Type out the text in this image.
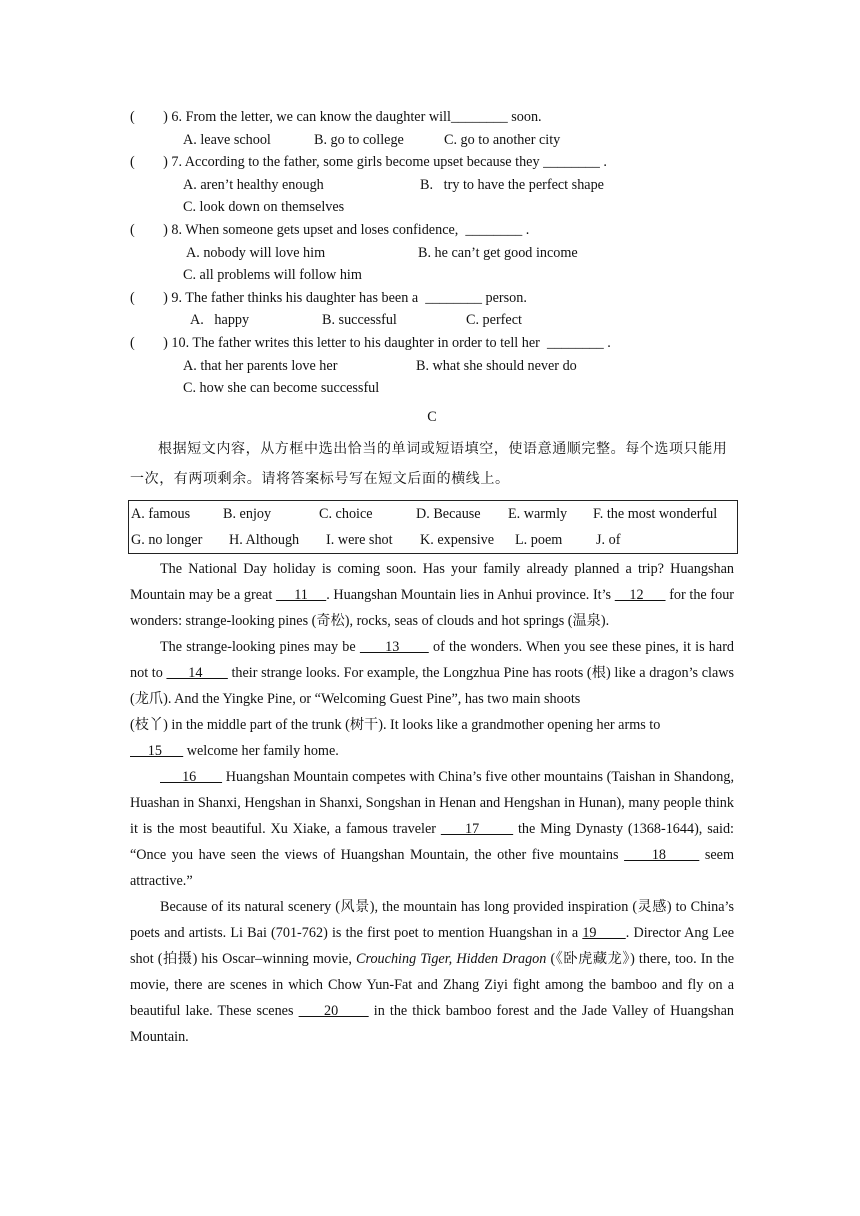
(        ) 6. From the letter, we can know the daughter will________ soon.
A. leave school	B. go to college	C. go to another city
(        ) 7. According to the father, some girls become upset because they ________ .
A. aren’t healthy enough	B.   try to have the perfect shape
C. look down on themselves
(        ) 8. When someone gets upset and loses confidence,  ________ .
A. nobody will love him	B. he can’t get good income
C. all problems will follow him
(        ) 9. The father thinks his daughter has been a  ________ person.
A.   happy	B. successful	C. perfect
(        ) 10. The father writes this letter to his daughter in order to tell her  ________ .
A. that her parents love her	B. what she should never do
C. how she can become successful
C
根据短文内容，从方框中选出恰当的单词或短语填空，使语意通顺完整。每个选项只能用一次，有两项剩余。请将答案标号写在短文后面的横线上。
A. famous B. enjoy	C. choice	D. Because E. warmly F. the most wonderful
G. no longer H. Although I. were shot K. expensive L. poem J. of

The National Day holiday is coming soon. Has your family already planned a trip? Huangshan Mountain may be a great      11     . Huangshan Mountain lies in Anhui province. It’s     12       for the four wonders: strange-looking pines (奇松), rocks, seas of clouds and hot springs (温泉).

The strange-looking pines may be       13        of the wonders. When you see these pines, it is hard not to       14        their strange looks. For example, the Longzhua Pine has roots (根) like a dragon’s claws (龙爪). And the Yingke Pine, or “Welcoming Guest Pine”, has two main shoots

(枝丫) in the middle part of the trunk (树干). It looks like a grandmother opening her arms to
15       welcome her family home.

16        Huangshan Mountain competes with China’s five other mountains (Taishan in Shandong, Huashan in Shanxi, Hengshan in Shanxi, Songshan in Henan and Hengshan in Hunan), many people think it is the most beautiful. Xu Xiake, a famous traveler      17        the Ming Dynasty (1368-1644), said: “Once you have seen the views of Huangshan Mountain, the other five mountains      18       seem attractive.”

Because of its natural scenery (风景), the mountain has long provided inspiration (灵感) to China’s poets and artists. Li Bai (701-762) is the first poet to mention Huangshan in a 19       . Director Ang Lee shot (拍摄) his Oscar–winning movie, Crouching Tiger, Hidden Dragon (《卧虎藏龙》) there, too. In the movie, there are scenes in which Chow Yun-Fat and Zhang Ziyi fight among the bamboo and fly on a beautiful lake. These scenes      20       in the thick bamboo forest and the Jade Valley of Huangshan Mountain.
